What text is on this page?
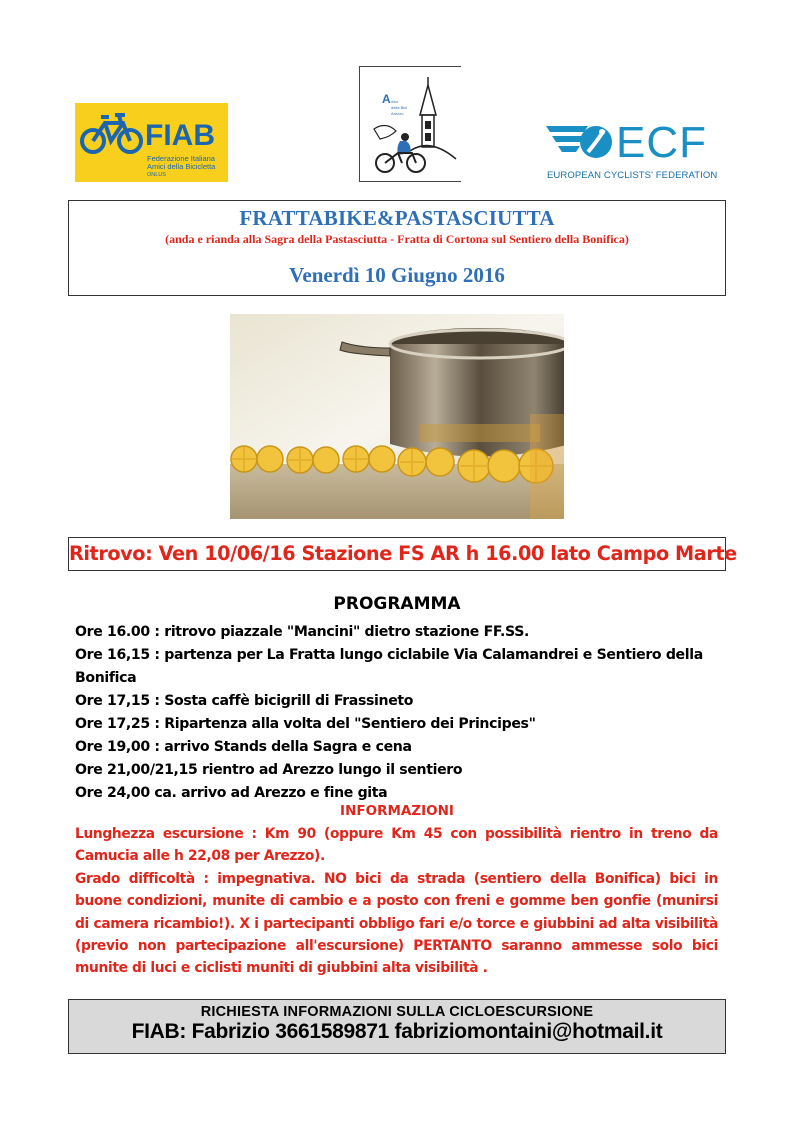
FIAB
Federazione Italiana
Amici della Bicicletta
ONLUS
A mici
della Bici
Arezzo
ECF
EUROPEAN CYCLISTS' FEDERATION
FRATTABIKE&PASTASCIUTTA
(anda e rianda alla Sagra della Pastasciutta - Fratta di Cortona sul Sentiero della Bonifica)
Venerdì 10 Giugno 2016
Ritrovo: Ven 10/06/16 Stazione FS AR h 16.00 lato Campo Marte
PROGRAMMA
Ore 16.00 : ritrovo piazzale "Mancini" dietro stazione FF.SS.
Ore 16,15 : partenza per La Fratta lungo ciclabile Via Calamandrei e Sentiero della Bonifica
Ore 17,15 : Sosta caffè bicigrill di Frassineto
Ore 17,25 : Ripartenza alla volta del "Sentiero dei Principes"
Ore 19,00 : arrivo Stands della Sagra e cena
Ore 21,00/21,15 rientro ad Arezzo lungo il sentiero
Ore 24,00 ca. arrivo ad Arezzo e fine gita
INFORMAZIONI

Lunghezza escursione : Km 90 (oppure Km 45 con possibilità rientro in treno da Camucia alle h 22,08 per Arezzo).

Grado difficoltà : impegnativa. NO bici da strada (sentiero della Bonifica) bici in buone condizioni, munite di cambio e a posto con freni e gomme ben gonfie (munirsi di camera ricambio!). X i partecipanti obbligo fari e/o torce e giubbini ad alta visibilità (previo non partecipazione all'escursione) PERTANTO saranno ammesse solo bici munite di luci e ciclisti muniti di giubbini alta visibilità .

RICHIESTA INFORMAZIONI SULLA CICLOESCURSIONE
FIAB: Fabrizio 3661589871 fabriziomontaini@hotmail.it
